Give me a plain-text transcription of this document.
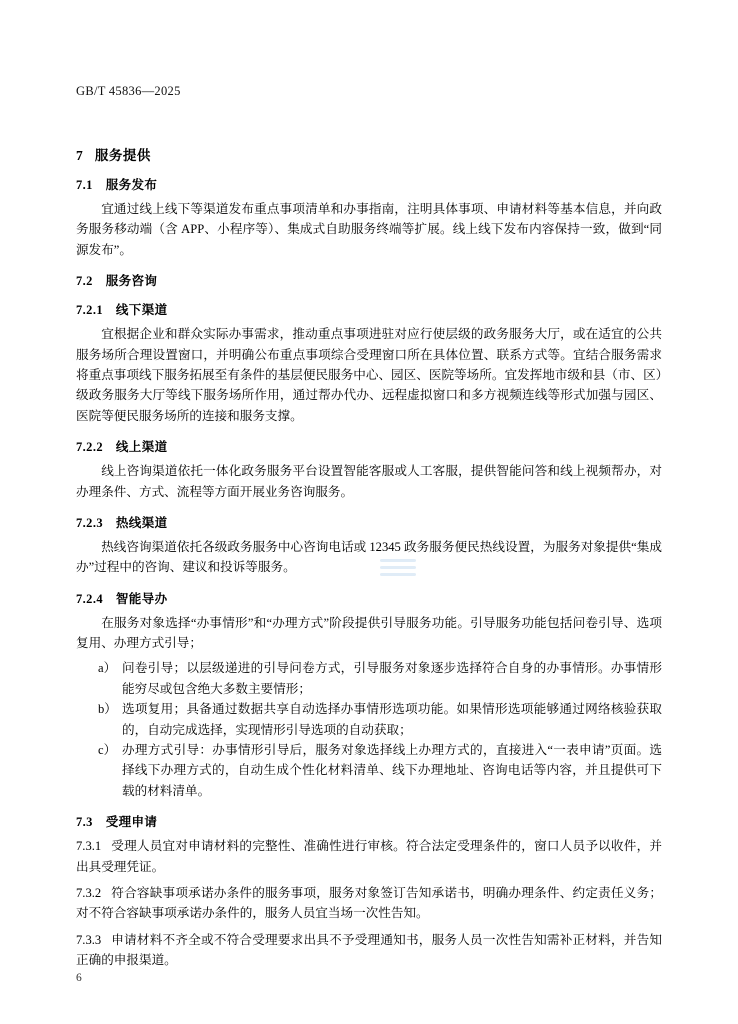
GB/T 45836—2025
7 服务提供
7.1　服务发布

宜通过线上线下等渠道发布重点事项清单和办事指南，注明具体事项、申请材料等基本信息，并向政务服务移动端（含 APP、小程序等）、集成式自助服务终端等扩展。线上线下发布内容保持一致，做到“同源发布”。

7.2　服务咨询
7.2.1　线下渠道

宜根据企业和群众实际办事需求，推动重点事项进驻对应行使层级的政务服务大厅，或在适宜的公共服务场所合理设置窗口，并明确公布重点事项综合受理窗口所在具体位置、联系方式等。宜结合服务需求将重点事项线下服务拓展至有条件的基层便民服务中心、园区、医院等场所。宜发挥地市级和县（市、区）级政务服务大厅等线下服务场所作用，通过帮办代办、远程虚拟窗口和多方视频连线等形式加强与园区、医院等便民服务场所的连接和服务支撑。

7.2.2　线上渠道

线上咨询渠道依托一体化政务服务平台设置智能客服或人工客服，提供智能问答和线上视频帮办，对办理条件、方式、流程等方面开展业务咨询服务。

7.2.3　热线渠道

热线咨询渠道依托各级政务服务中心咨询电话或 12345 政务服务便民热线设置，为服务对象提供“集成办”过程中的咨询、建议和投诉等服务。

7.2.4　智能导办

在服务对象选择“办事情形”和“办理方式”阶段提供引导服务功能。引导服务功能包括问卷引导、选项复用、办理方式引导；

a） 问卷引导；以层级递进的引导问卷方式，引导服务对象逐步选择符合自身的办事情形。办事情形能穷尽或包含绝大多数主要情形；
b） 选项复用；具备通过数据共享自动选择办事情形选项功能。如果情形选项能够通过网络核验获取的，自动完成选择，实现情形引导选项的自动获取；
c） 办理方式引导：办事情形引导后，服务对象选择线上办理方式的，直接进入“一表申请”页面。选择线下办理方式的，自动生成个性化材料清单、线下办理地址、咨询电话等内容，并且提供可下载的材料清单。
7.3　受理申请

7.3.1 受理人员宜对申请材料的完整性、准确性进行审核。符合法定受理条件的，窗口人员予以收件，并出具受理凭证。

7.3.2 符合容缺事项承诺办条件的服务事项，服务对象签订告知承诺书，明确办理条件、约定责任义务；对不符合容缺事项承诺办条件的，服务人员宜当场一次性告知。

7.3.3 申请材料不齐全或不符合受理要求出具不予受理通知书，服务人员一次性告知需补正材料，并告知正确的申报渠道。

6
